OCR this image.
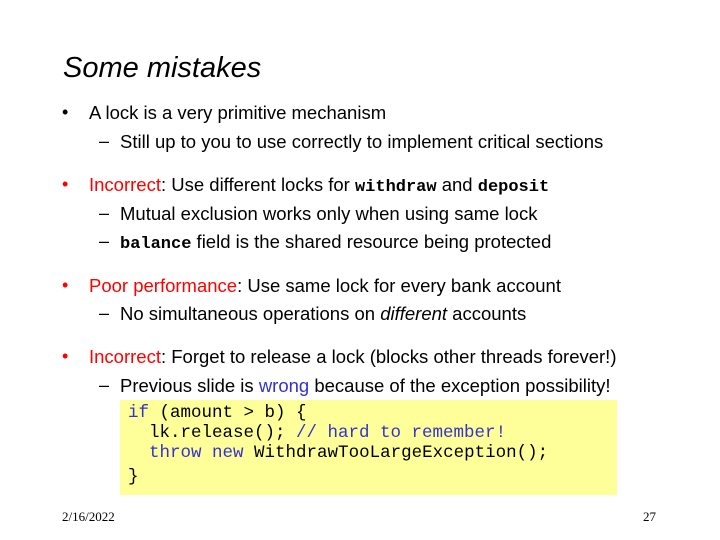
Some mistakes
• A lock is a very primitive mechanism
– Still up to you to use correctly to implement critical sections
• Incorrect: Use different locks for withdraw and deposit
– Mutual exclusion works only when using same lock
– balance field is the shared resource being protected
• Poor performance: Use same lock for every bank account
– No simultaneous operations on different accounts
• Incorrect: Forget to release a lock (blocks other threads forever!)
– Previous slide is wrong because of the exception possibility!
if (amount > b) {
lk.release(); // hard to remember!
throw new WithdrawTooLargeException();
}
2/16/2022	27
